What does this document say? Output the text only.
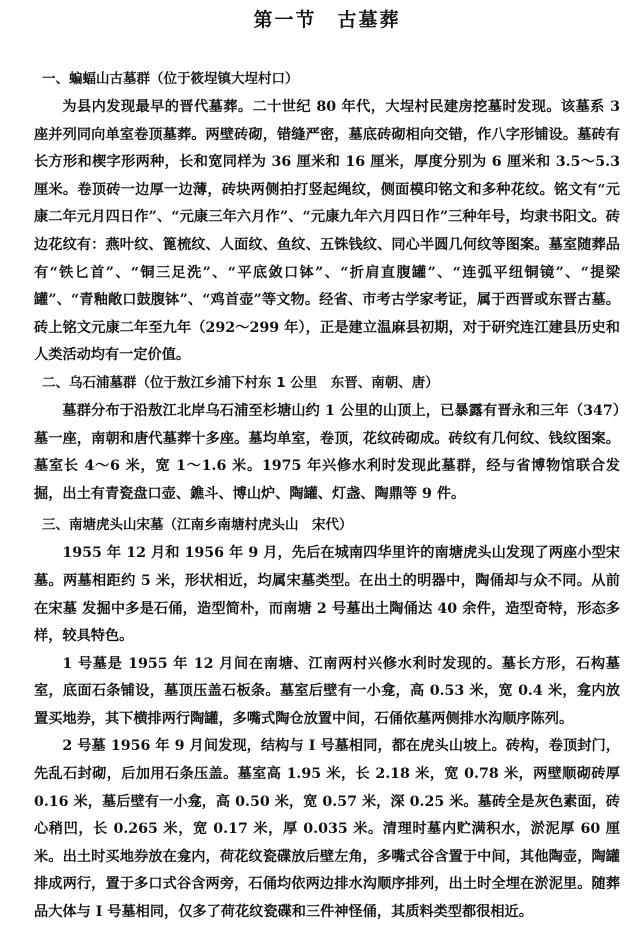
第一节　古墓葬
一、蝙蝠山古墓群（位于筱埕镇大埕村口）

为县内发现最早的晋代墓葬。二十世纪 80 年代，大埕村民建房挖墓时发现。该墓系 3 座并列同向单室卷顶墓葬。两壁砖砌，错缝严密，墓底砖砌相向交错，作八字形铺设。墓砖有长方形和楔字形两种，长和宽同样为 36 厘米和 16 厘米，厚度分别为 6 厘米和 3.5～5.3 厘米。卷顶砖一边厚一边薄，砖块两侧拍打竖起绳纹，侧面模印铭文和多种花纹。铭文有“元康二年元月四日作”、“元康三年六月作”、“元康九年六月四日作”三种年号，均隶书阳文。砖边花纹有：燕叶纹、篦梳纹、人面纹、鱼纹、五铢钱纹、同心半圆几何纹等图案。墓室随葬品有“铁匕首”、“铜三足洗”、“平底敛口钵”、“折肩直腹罐”、“连弧平纽铜镜”、“提梁罐”、“青釉敞口鼓腹钵”、“鸡首壶”等文物。经省、市考古学家考证，属于西晋或东晋古墓。砖上铭文元康二年至九年（292～299 年），正是建立温麻县初期，对于研究连江建县历史和人类活动均有一定价值。

二、乌石浦墓群（位于敖江乡浦下村东 1 公里　东晋、南朝、唐）

墓群分布于沿敖江北岸乌石浦至杉塘山约 1 公里的山顶上，已暴露有晋永和三年（347）墓一座，南朝和唐代墓葬十多座。墓均单室，卷顶，花纹砖砌成。砖纹有几何纹、钱纹图案。墓室长 4～6 米，宽 1～1.6 米。1975 年兴修水利时发现此墓群，经与省博物馆联合发掘，出土有青瓷盘口壶、鐎斗、博山炉、陶罐、灯盏、陶鼎等 9 件。

三、南塘虎头山宋墓（江南乡南塘村虎头山　宋代）

1955 年 12 月和 1956 年 9 月，先后在城南四华里许的南塘虎头山发现了两座小型宋墓。两墓相距约 5 米，形状相近，均属宋墓类型。在出土的明器中，陶俑却与众不同。从前在宋墓 发掘中多是石俑，造型简朴，而南塘 2 号墓出土陶俑达 40 余件，造型奇特，形态多样，较具特色。

1 号墓是 1955 年 12 月间在南塘、江南两村兴修水利时发现的。墓长方形，石构墓室，底面石条铺设，墓顶压盖石板条。墓室后壁有一小龛，高 0.53 米，宽 0.4 米，龛内放置买地券，其下横排两行陶罐，多嘴式陶仓放置中间，石俑依墓两侧排水沟顺序陈列。

2 号墓 1956 年 9 月间发现，结构与 I 号墓相同，都在虎头山坡上。砖构，卷顶封门，先乱石封砌，后加用石条压盖。墓室高 1.95 米，长 2.18 米，宽 0.78 米，两壁顺砌砖厚 0.16 米，墓后壁有一小龛，高 0.50 米，宽 0.57 米，深 0.25 米。墓砖全是灰色素面，砖心稍凹，长 0.265 米，宽 0.17 米，厚 0.035 米。清理时墓内贮满积水，淤泥厚 60 厘米。出土时买地券放在龛内，荷花纹瓷碟放后壁左角，多嘴式谷含置于中间，其他陶壶，陶罐排成两行，置于多口式谷含两旁，石俑均依两边排水沟顺序排列，出土时全埋在淤泥里。随葬品大体与 I 号墓相同，仅多了荷花纹瓷碟和三件神怪俑，其质料类型都很相近。
